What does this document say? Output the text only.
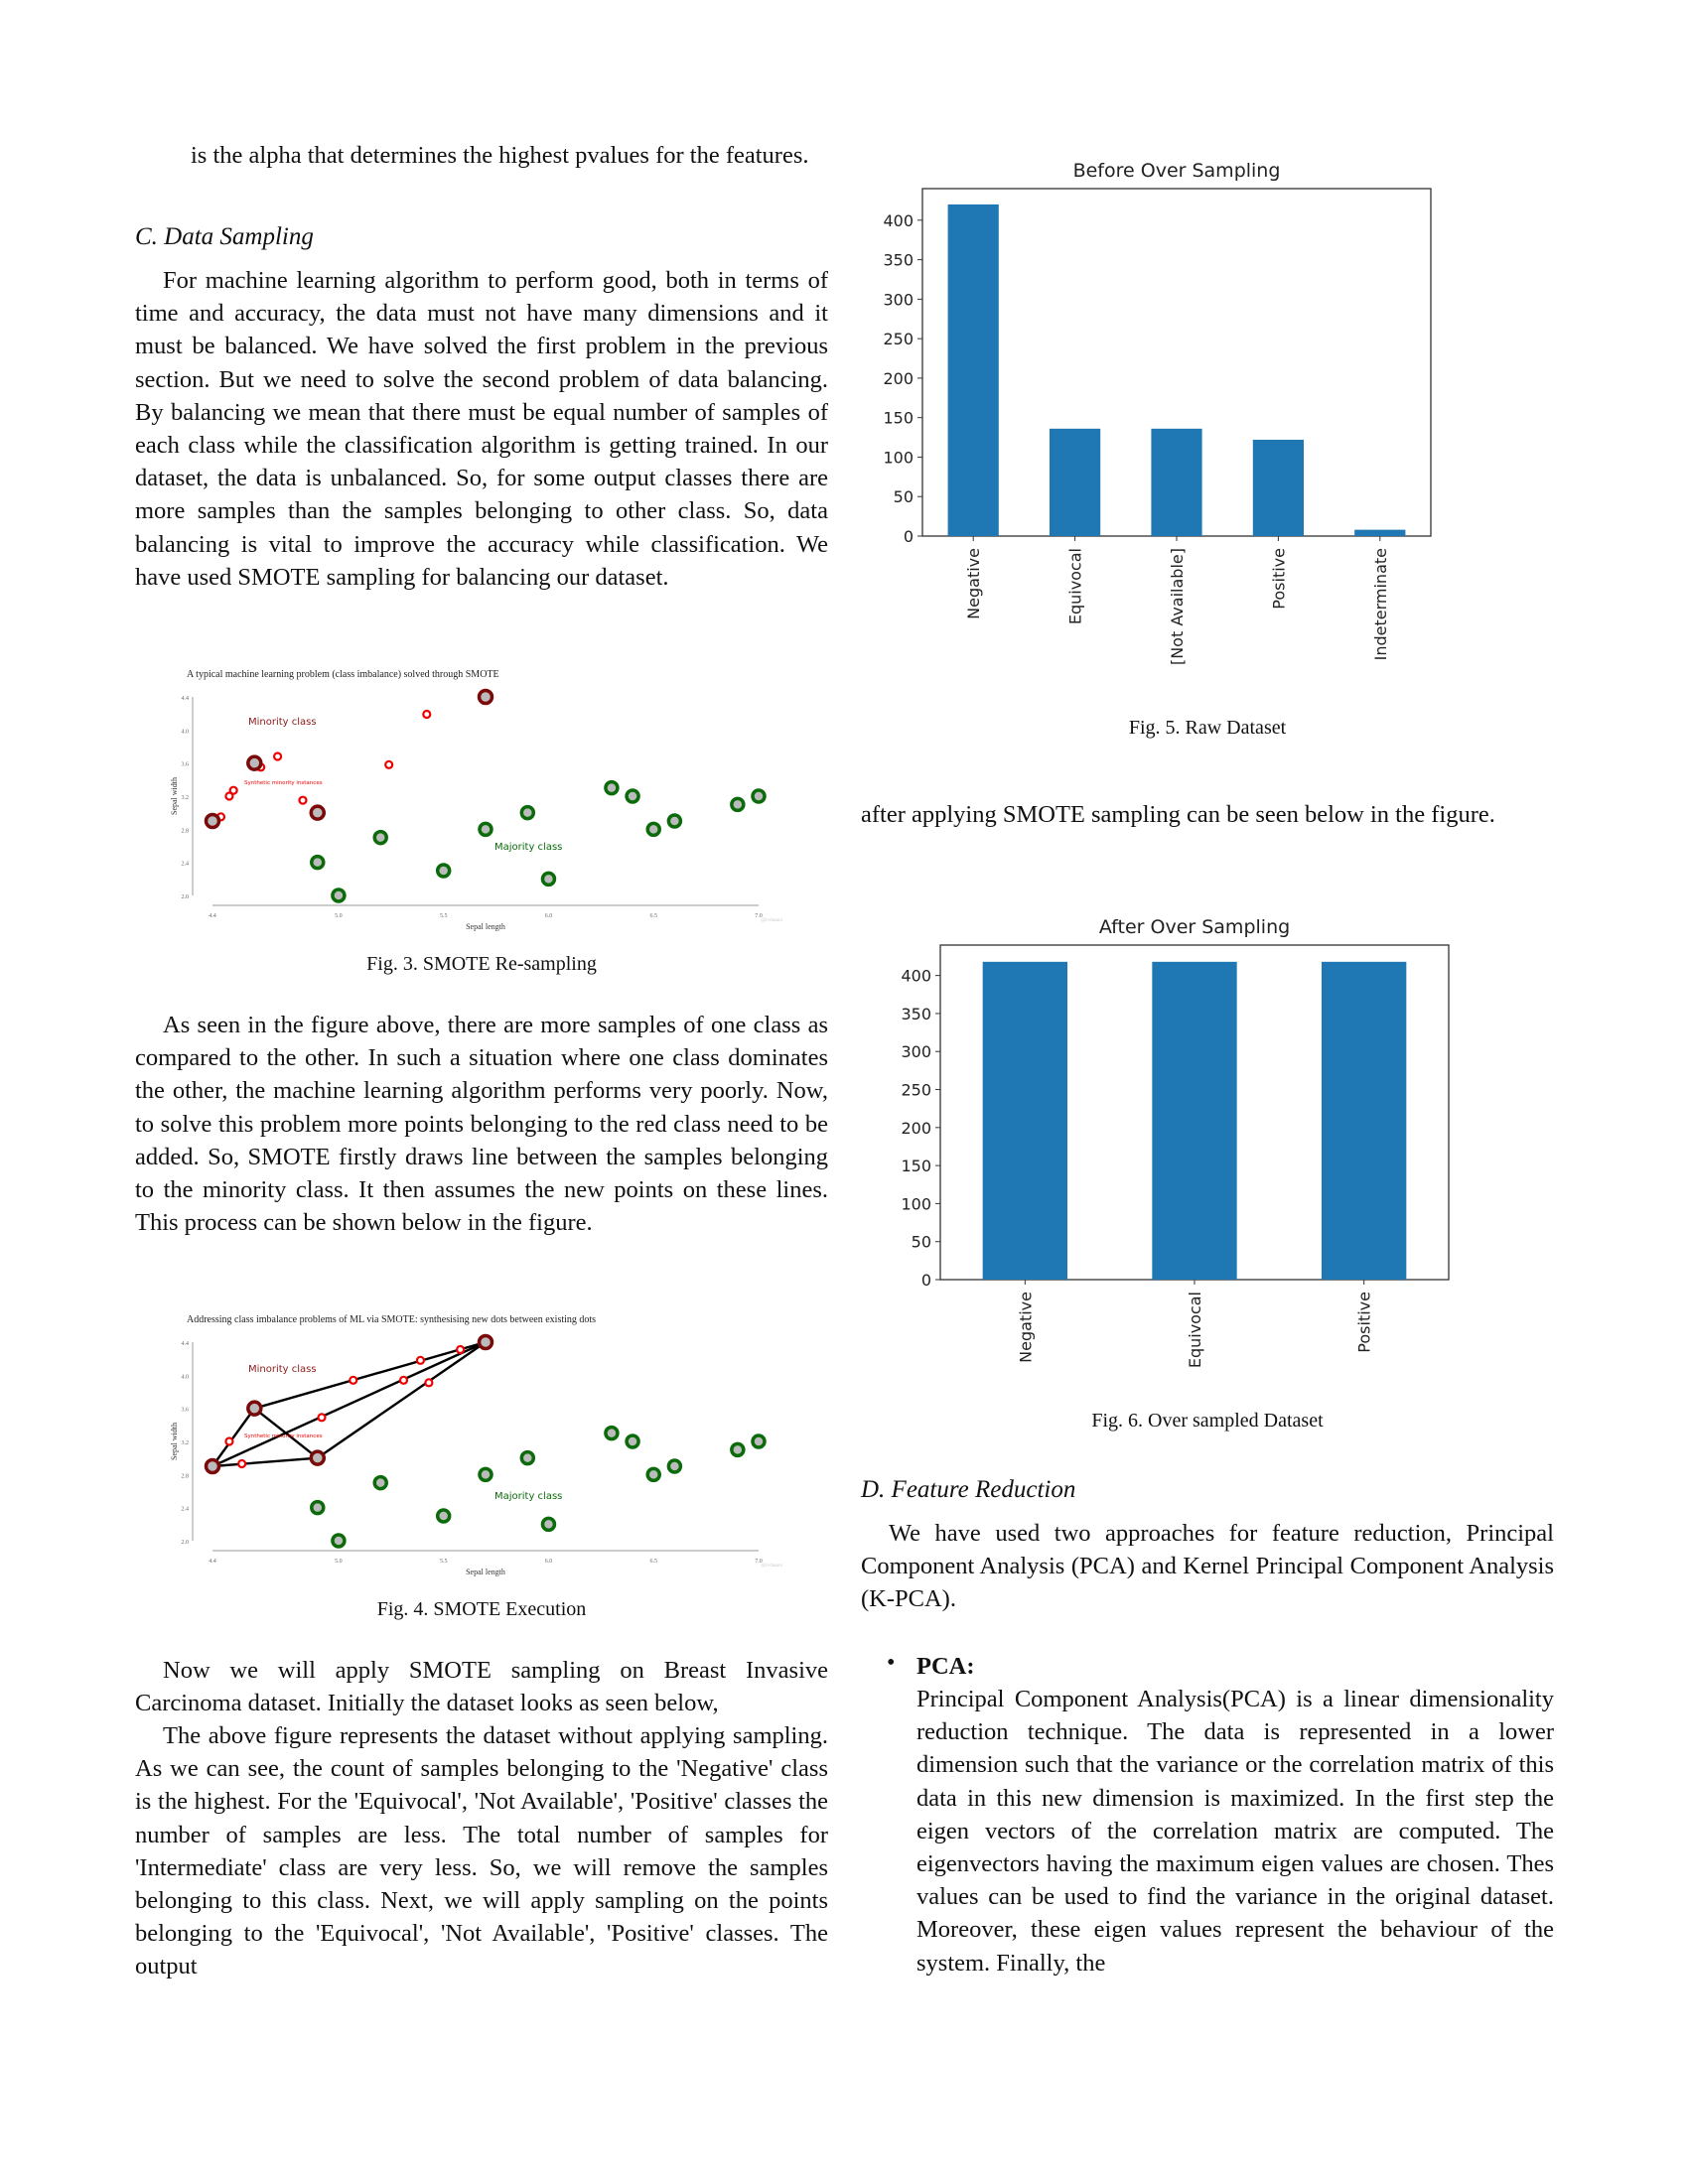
is the alpha that determines the highest pvalues for the features.
C. Data Sampling
For machine learning algorithm to perform good, both in terms of time and accuracy, the data must not have many dimensions and it must be balanced. We have solved the first problem in the previous section. But we need to solve the second problem of data balancing. By balancing we mean that there must be equal number of samples of each class while the classification algorithm is getting trained. In our dataset, the data is unbalanced. So, for some output classes there are more samples than the samples belonging to other class. So, data balancing is vital to improve the accuracy while classification. We have used SMOTE sampling for balancing our dataset.
A typical machine learning problem (class imbalance) solved through SMOTE
2.0
2.4
2.8
3.2
3.6
4.0
4.4
4.4	5.0	5.5	6.0	6.5	7.0
Sepal length
Sepal width
Minority class
Synthetic minority instances
Majority class
@rvdasani
Fig. 3. SMOTE Re-sampling
As seen in the figure above, there are more samples of one class as compared to the other. In such a situation where one class dominates the other, the machine learning algorithm performs very poorly. Now, to solve this problem more points belonging to the red class need to be added. So, SMOTE firstly draws line between the samples belonging to the minority class. It then assumes the new points on these lines. This process can be shown below in the figure.
Addressing class imbalance problems of ML via SMOTE: synthesising new dots between existing dots
2.0
2.4
2.8
3.2
3.6
4.0
4.4
4.4	5.0	5.5	6.0	6.5	7.0
Sepal length
Sepal width
Minority class
Synthetic minority instances
Majority class
@rvdasani
Fig. 4. SMOTE Execution
Now we will apply SMOTE sampling on Breast Invasive Carcinoma dataset. Initially the dataset looks as seen below,
The above figure represents the dataset without applying sampling. As we can see, the count of samples belonging to the 'Negative' class is the highest. For the 'Equivocal', 'Not Available', 'Positive' classes the number of samples are less. The total number of samples for 'Intermediate' class are very less. So, we will remove the samples belonging to this class. Next, we will apply sampling on the points belonging to the 'Equivocal', 'Not Available', 'Positive' classes. The output
Before Over Sampling
0
50
100
150
200
250
300
350
400
Negative	Equivocal	[Not Available]	Positive	Indeterminate
Fig. 5. Raw Dataset
after applying SMOTE sampling can be seen below in the figure.
After Over Sampling
0
50
100
150
200
250
300
350
400
Negative	Equivocal	Positive
Fig. 6. Over sampled Dataset
D. Feature Reduction
We have used two approaches for feature reduction, Principal Component Analysis (PCA) and Kernel Principal Component Analysis (K-PCA).
• PCA:
Principal Component Analysis(PCA) is a linear dimensionality reduction technique. The data is represented in a lower dimension such that the variance or the correlation matrix of this data in this new dimension is maximized. In the first step the eigen vectors of the correlation matrix are computed. The eigenvectors having the maximum eigen values are chosen. Thes values can be used to find the variance in the original dataset. Moreover, these eigen values represent the behaviour of the system. Finally, the
